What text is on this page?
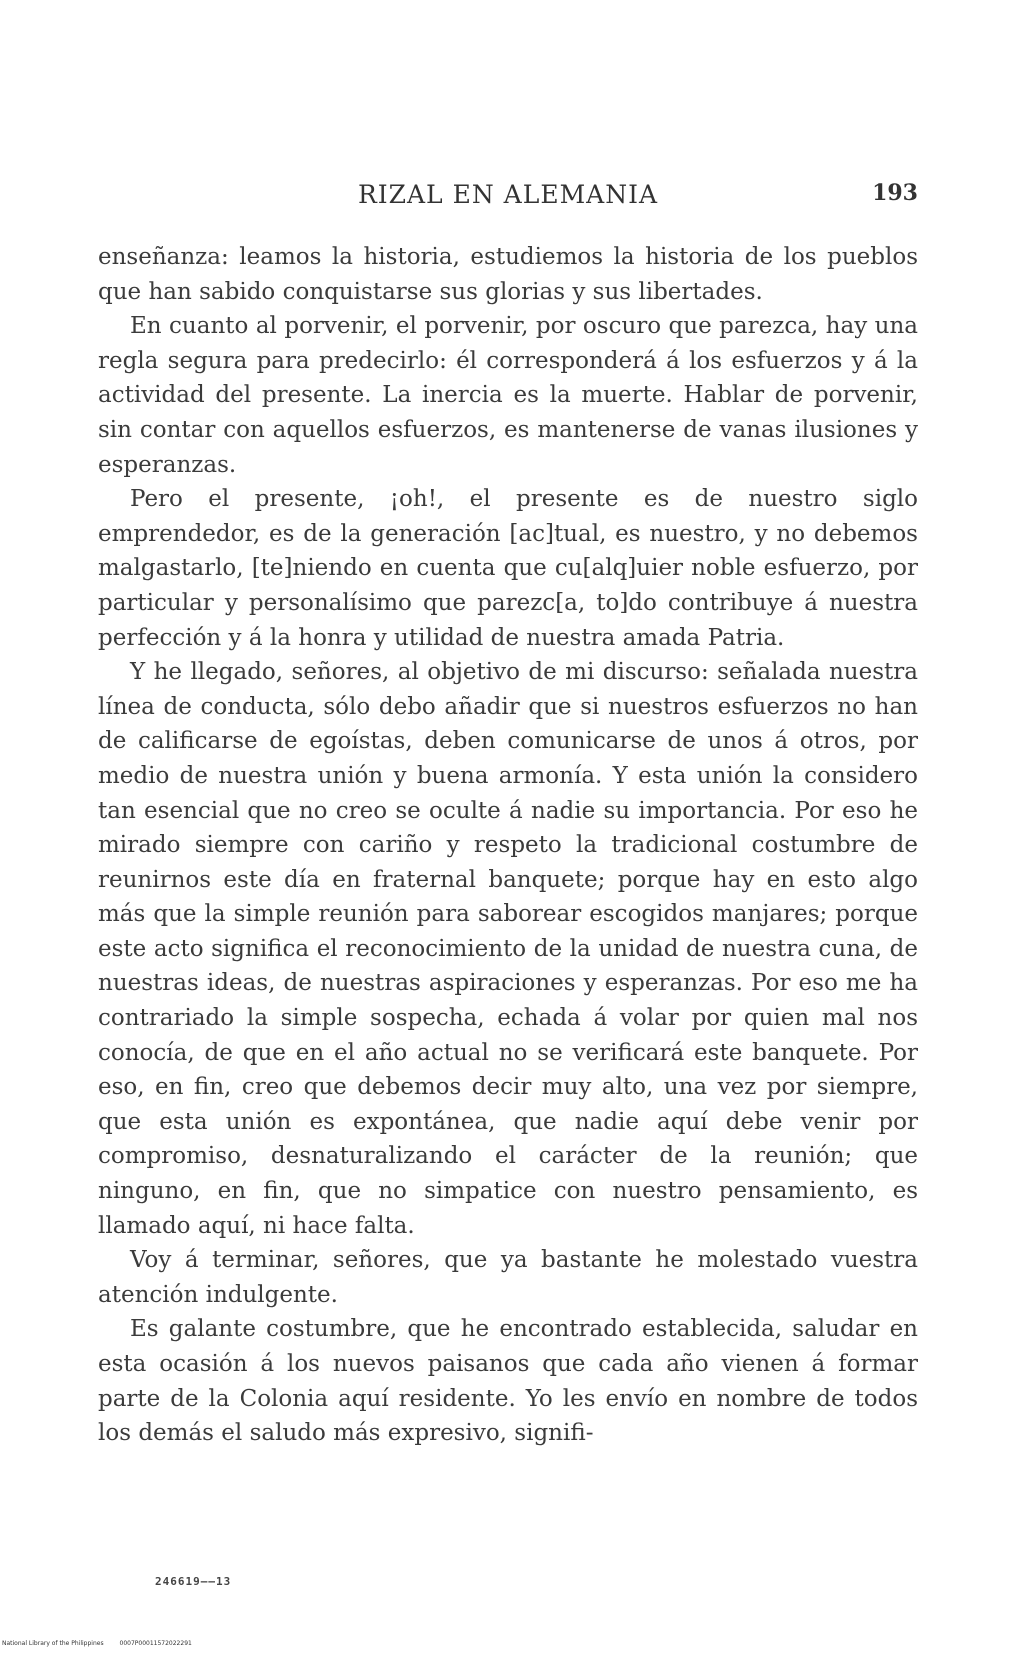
RIZAL EN ALEMANIA	193

enseñanza: leamos la historia, estudiemos la historia de los pueblos que han sabido conquistarse sus glorias y sus libertades.

En cuanto al porvenir, el porvenir, por oscuro que parezca, hay una regla segura para predecirlo: él corresponderá á los esfuerzos y á la actividad del presente. La inercia es la muerte. Hablar de porvenir, sin contar con aquellos esfuerzos, es mantenerse de vanas ilusiones y esperanzas.

Pero el presente, ¡oh!, el presente es de nuestro siglo emprendedor, es de la generación [ac]tual, es nuestro, y no debemos malgastarlo, [te]niendo en cuenta que cu[alq]uier noble esfuerzo, por particular y personalísimo que parezc[a, to]do contribuye á nuestra perfección y á la honra y utilidad de nuestra amada Patria.

Y he llegado, señores, al objetivo de mi discurso: señalada nuestra línea de conducta, sólo debo añadir que si nuestros esfuerzos no han de calificarse de egoístas, deben comunicarse de unos á otros, por medio de nuestra unión y buena armonía. Y esta unión la considero tan esencial que no creo se oculte á nadie su importancia. Por eso he mirado siempre con cariño y respeto la tradicional costumbre de reunirnos este día en fraternal banquete; porque hay en esto algo más que la simple reunión para saborear escogidos manjares; porque este acto significa el reconocimiento de la unidad de nuestra cuna, de nuestras ideas, de nuestras aspiraciones y esperanzas. Por eso me ha contrariado la simple sospecha, echada á volar por quien mal nos conocía, de que en el año actual no se verificará este banquete. Por eso, en fin, creo que debemos decir muy alto, una vez por siempre, que esta unión es expontánea, que nadie aquí debe venir por compromiso, desnaturalizando el carácter de la reunión; que ninguno, en fin, que no simpatice con nuestro pensamiento, es llamado aquí, ni hace falta.

Voy á terminar, señores, que ya bastante he molestado vuestra atención indulgente.

Es galante costumbre, que he encontrado establecida, saludar en esta ocasión á los nuevos paisanos que cada año vienen á formar parte de la Colonia aquí residente. Yo les envío en nombre de todos los demás el saludo más expresivo, signifi-

246619——13
National Library of the Philippines	0007P00011572022291
